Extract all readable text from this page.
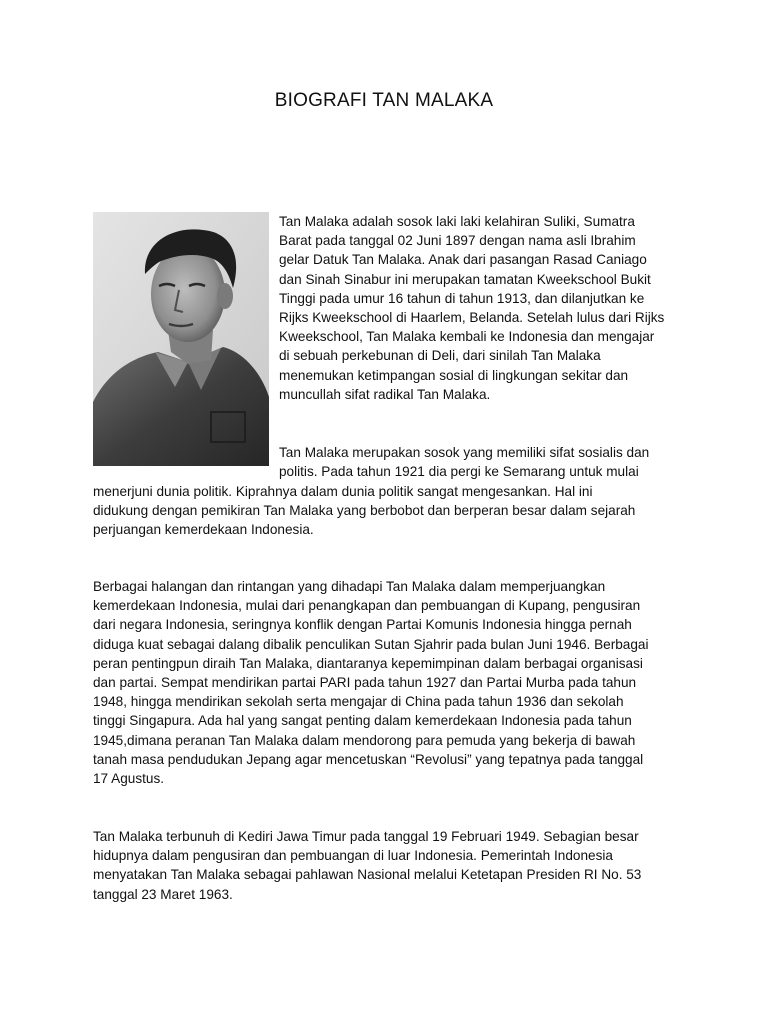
BIOGRAFI TAN MALAKA
Tan Malaka adalah sosok laki laki kelahiran Suliki, Sumatra
Barat pada tanggal 02 Juni 1897 dengan nama asli Ibrahim
gelar Datuk Tan Malaka. Anak dari pasangan Rasad Caniago
dan Sinah Sinabur ini merupakan tamatan Kweekschool Bukit
Tinggi pada umur 16 tahun di tahun 1913, dan dilanjutkan ke
Rijks Kweekschool di Haarlem, Belanda. Setelah lulus dari Rijks
Kweekschool, Tan Malaka kembali ke Indonesia dan mengajar
di sebuah perkebunan di Deli, dari sinilah Tan Malaka
menemukan ketimpangan sosial di lingkungan sekitar dan
muncullah sifat radikal Tan Malaka.
Tan Malaka merupakan sosok yang memiliki sifat sosialis dan
politis. Pada tahun 1921 dia pergi ke Semarang untuk mulai
menerjuni dunia politik. Kiprahnya dalam dunia politik sangat mengesankan. Hal ini
didukung dengan pemikiran Tan Malaka yang berbobot dan berperan besar dalam sejarah
perjuangan kemerdekaan Indonesia.
Berbagai halangan dan rintangan yang dihadapi Tan Malaka dalam memperjuangkan
kemerdekaan Indonesia, mulai dari penangkapan dan pembuangan di Kupang, pengusiran
dari negara Indonesia, seringnya konflik dengan Partai Komunis Indonesia hingga pernah
diduga kuat sebagai dalang dibalik penculikan Sutan Sjahrir pada bulan Juni 1946. Berbagai
peran pentingpun diraih Tan Malaka, diantaranya kepemimpinan dalam berbagai organisasi
dan partai. Sempat mendirikan partai PARI pada tahun 1927 dan Partai Murba pada tahun
1948, hingga mendirikan sekolah serta mengajar di China pada tahun 1936 dan sekolah
tinggi Singapura. Ada hal yang sangat penting dalam kemerdekaan Indonesia pada tahun
1945,dimana peranan Tan Malaka dalam mendorong para pemuda yang bekerja di bawah
tanah masa pendudukan Jepang agar mencetuskan “Revolusi” yang tepatnya pada tanggal
17 Agustus.
Tan Malaka terbunuh di Kediri Jawa Timur pada tanggal 19 Februari 1949. Sebagian besar
hidupnya dalam pengusiran dan pembuangan di luar Indonesia. Pemerintah Indonesia
menyatakan Tan Malaka sebagai pahlawan Nasional melalui Ketetapan Presiden RI No. 53
tanggal 23 Maret 1963.
